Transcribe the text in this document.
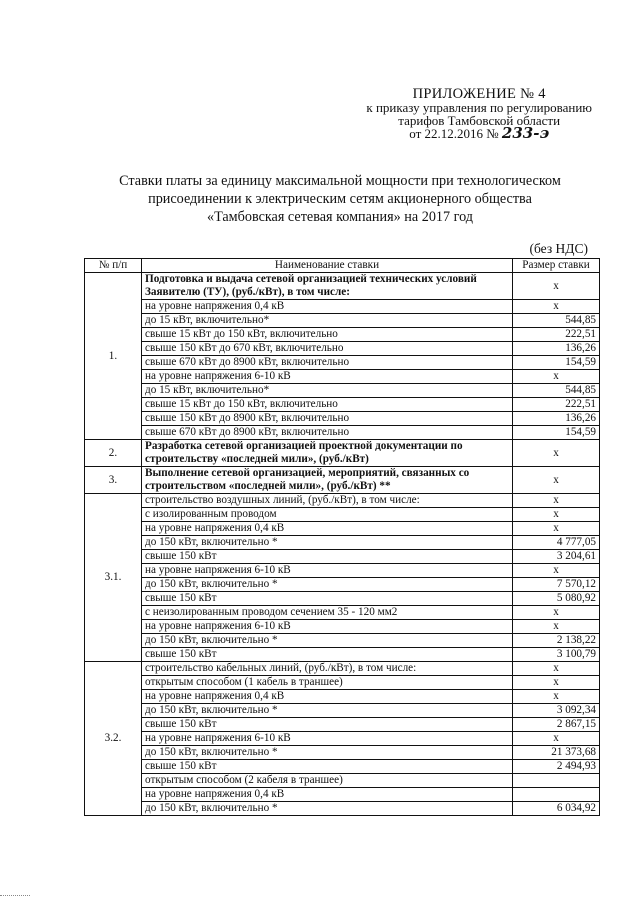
ПРИЛОЖЕНИЕ № 4
к приказу управления по регулированию
тарифов Тамбовской области
от 22.12.2016 № 233-э
Ставки платы за единицу максимальной мощности при технологическом
присоединении к электрическим сетям акционерного общества
«Тамбовская сетевая компания» на 2017 год
(без НДС)
№ п/п	Наименование ставки	Размер ставки
1.	Подготовка и выдача сетевой организацией технических условий Заявителю (ТУ), (руб./кВт), в том числе:	х
	на уровне напряжения 0,4 кВ	х
	до 15 кВт, включительно*	544,85
	свыше 15 кВт до 150 кВт, включительно	222,51
	свыше 150 кВт до 670 кВт, включительно	136,26
	свыше 670 кВт до 8900 кВт, включительно	154,59
	на уровне напряжения 6-10 кВ	х
	до 15 кВт, включительно*	544,85
	свыше 15 кВт до 150 кВт, включительно	222,51
	свыше 150 кВт до 8900 кВт, включительно	136,26
	свыше 670 кВт до 8900 кВт, включительно	154,59
2.	Разработка сетевой организацией проектной документации по строительству «последней мили», (руб./кВт)	х
3.	Выполнение сетевой организацией, мероприятий, связанных со строительством «последней мили», (руб./кВт) **	х
3.1.	строительство воздушных линий, (руб./кВт), в том числе:	х
	с изолированным проводом	х
	на уровне напряжения 0,4 кВ	х
	до 150 кВт, включительно *	4 777,05
	свыше 150 кВт	3 204,61
	на уровне напряжения 6-10 кВ	х
	до 150 кВт, включительно *	7 570,12
	свыше 150 кВт	5 080,92
	с неизолированным проводом сечением 35 - 120 мм2	х
	на уровне напряжения 6-10 кВ	х
	до 150 кВт, включительно *	2 138,22
	свыше 150 кВт	3 100,79
3.2.	строительство кабельных линий, (руб./кВт), в том числе:	х
	открытым способом (1 кабель в траншее)	х
	на уровне напряжения 0,4 кВ	х
	до 150 кВт, включительно *	3 092,34
	свыше 150 кВт	2 867,15
	на уровне напряжения 6-10 кВ	х
	до 150 кВт, включительно *	21 373,68
	свыше 150 кВт	2 494,93
	открытым способом (2 кабеля в траншее)	
	на уровне напряжения 0,4 кВ	
	до 150 кВт, включительно *	6 034,92
